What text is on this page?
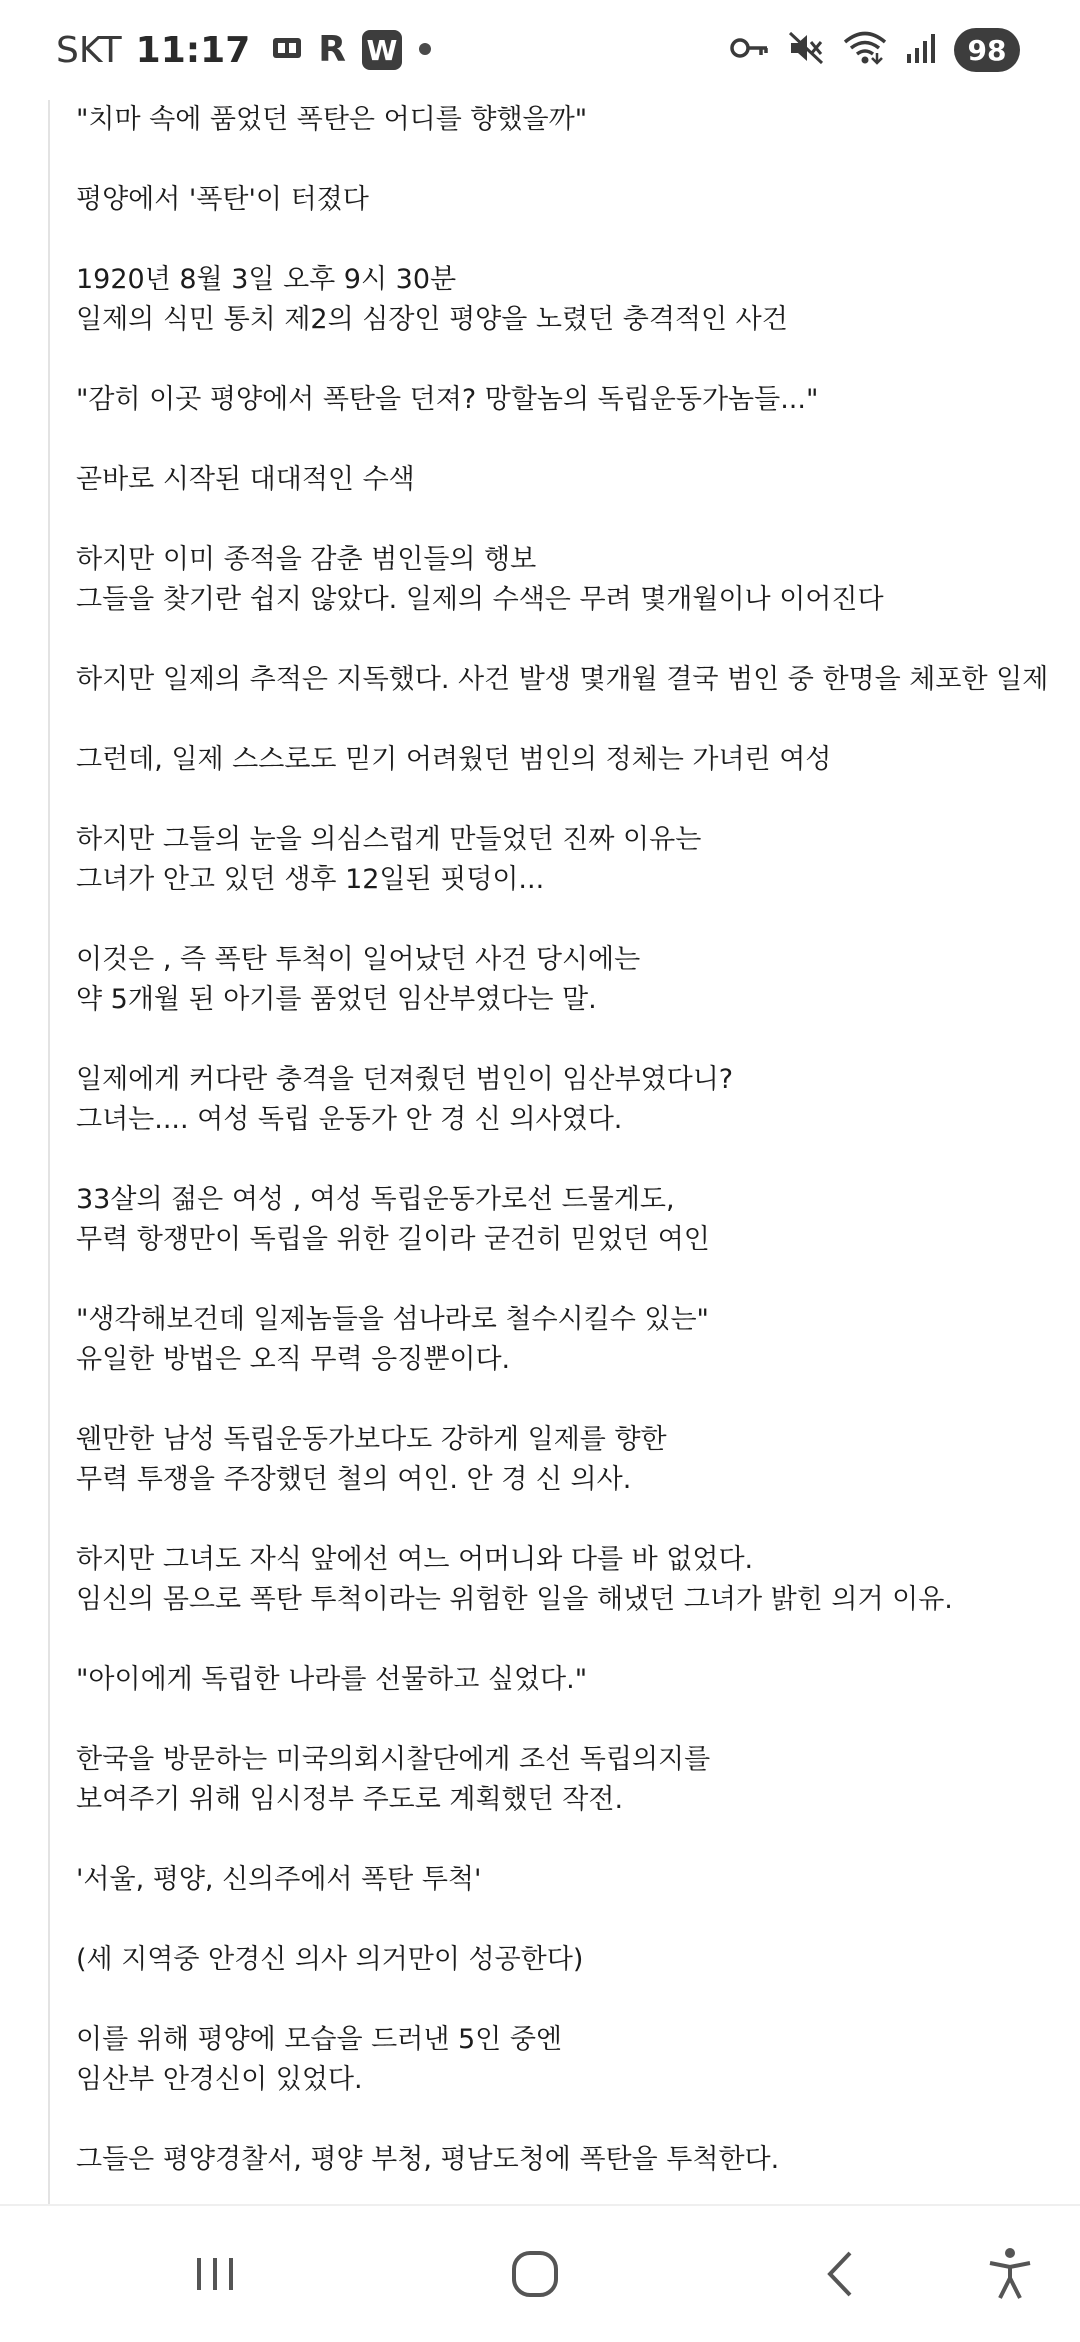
SKT 11:17 R W	98
"치마 속에 품었던 폭탄은 어디를 향했을까"
평양에서 '폭탄'이 터졌다
1920년 8월 3일 오후 9시 30분
일제의 식민 통치 제2의 심장인 평양을 노렸던 충격적인 사건
"감히 이곳 평양에서 폭탄을 던져? 망할놈의 독립운동가놈들..."
곧바로 시작된 대대적인 수색
하지만 이미 종적을 감춘 범인들의 행보
그들을 찾기란 쉽지 않았다. 일제의 수색은 무려 몇개월이나 이어진다
하지만 일제의 추적은 지독했다. 사건 발생 몇개월 결국 범인 중 한명을 체포한 일제
그런데, 일제 스스로도 믿기 어려웠던 범인의 정체는 가녀린 여성
하지만 그들의 눈을 의심스럽게 만들었던 진짜 이유는
그녀가 안고 있던 생후 12일된 핏덩이...
이것은 , 즉 폭탄 투척이 일어났던 사건 당시에는
약 5개월 된 아기를 품었던 임산부였다는 말.
일제에게 커다란 충격을 던져줬던 범인이 임산부였다니?
그녀는.... 여성 독립 운동가 안 경 신 의사였다.
33살의 젊은 여성 , 여성 독립운동가로선 드물게도,
무력 항쟁만이 독립을 위한 길이라 굳건히 믿었던 여인
"생각해보건데 일제놈들을 섬나라로 철수시킬수 있는"
유일한 방법은 오직 무력 응징뿐이다.
웬만한 남성 독립운동가보다도 강하게 일제를 향한
무력 투쟁을 주장했던 철의 여인. 안 경 신 의사.
하지만 그녀도 자식 앞에선 여느 어머니와 다를 바 없었다.
임신의 몸으로 폭탄 투척이라는 위험한 일을 해냈던 그녀가 밝힌 의거 이유.
"아이에게 독립한 나라를 선물하고 싶었다."
한국을 방문하는 미국의회시찰단에게 조선 독립의지를
보여주기 위해 임시정부 주도로 계획했던 작전.
'서울, 평양, 신의주에서 폭탄 투척'
(세 지역중 안경신 의사 의거만이 성공한다)
이를 위해 평양에 모습을 드러낸 5인 중엔
임산부 안경신이 있었다.
그들은 평양경찰서, 평양 부청, 평남도청에 폭탄을 투척한다.
